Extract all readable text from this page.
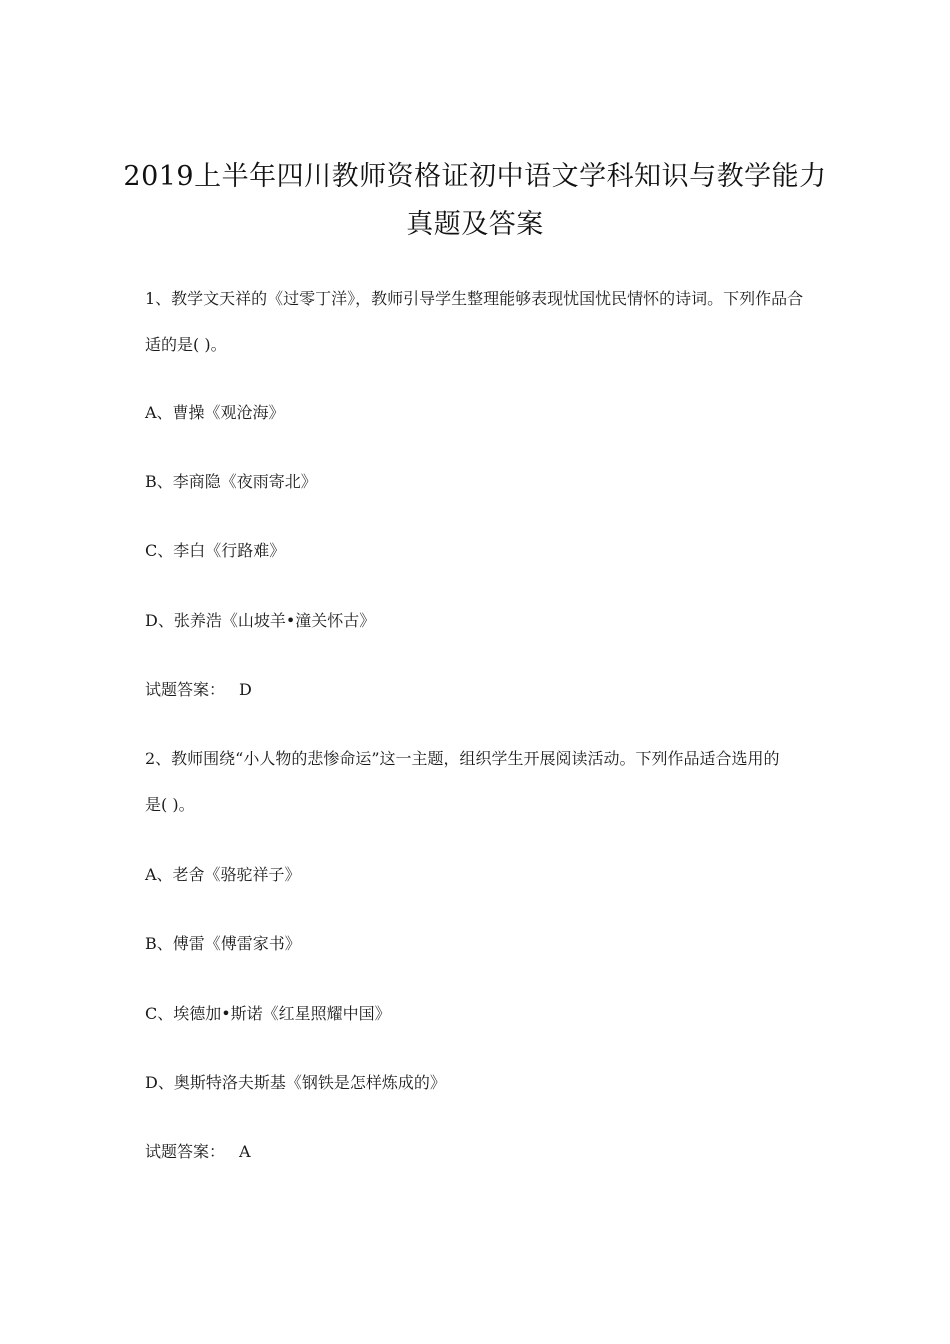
2019上半年四川教师资格证初中语文学科知识与教学能力
真题及答案
1、教学文天祥的《过零丁洋》，教师引导学生整理能够表现忧国忧民情怀的诗词。下列作品合
适的是( )。
A、曹操《观沧海》
B、李商隐《夜雨寄北》
C、李白《行路难》
D、张养浩《山坡羊•潼关怀古》
试题答案： D
2、教师围绕“小人物的悲惨命运”这一主题，组织学生开展阅读活动。下列作品适合选用的
是( )。
A、老舍《骆驼祥子》
B、傅雷《傅雷家书》
C、埃德加•斯诺《红星照耀中国》
D、奥斯特洛夫斯基《钢铁是怎样炼成的》
试题答案： A
